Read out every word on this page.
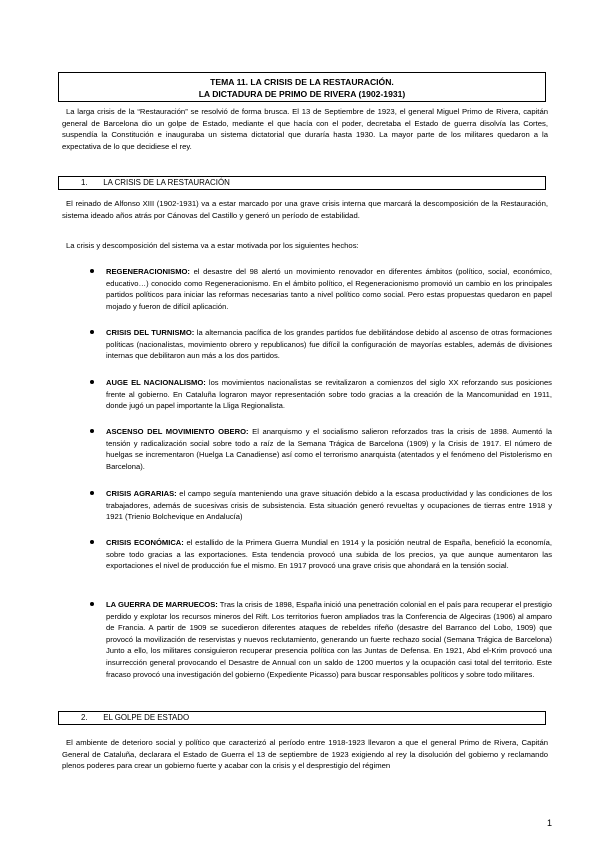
TEMA 11. LA CRISIS DE LA RESTAURACIÓN.
LA DICTADURA DE PRIMO DE RIVERA (1902-1931)

La larga crisis de la “Restauración” se resolvió de forma brusca. El 13 de Septiembre de 1923, el general Miguel Primo de Rivera, capitán general de Barcelona dio un golpe de Estado, mediante el que hacía con el poder, decretaba el Estado de guerra disolvía las Cortes, suspendía la Constitución e inauguraba un sistema dictatorial que duraría hasta 1930. La mayor parte de los militares quedaron a la expectativa de lo que decidiese el rey.

1. LA CRISIS DE LA RESTAURACIÓN

El reinado de Alfonso XIII (1902-1931) va a estar marcado por una grave crisis interna que marcará la descomposición de la Restauración, sistema ideado años atrás por Cánovas del Castillo y generó un período de estabilidad.

La crisis y descomposición del sistema va a estar motivada por los siguientes hechos:

REGENERACIONISMO: el desastre del 98 alertó un movimiento renovador en diferentes ámbitos (político, social, económico, educativo…) conocido como Regeneracionismo. En el ámbito político, el Regeneracionismo promovió un cambio en los principales partidos políticos para iniciar las reformas necesarias tanto a nivel político como social. Pero estas propuestas quedaron en papel mojado y fueron de difícil aplicación.
CRISIS DEL TURNISMO: la alternancia pacífica de los grandes partidos fue debilitándose debido al ascenso de otras formaciones políticas (nacionalistas, movimiento obrero y republicanos) fue difícil la configuración de mayorías estables, además de divisiones internas que debilitaron aun más a los dos partidos.
AUGE EL NACIONALISMO: los movimientos nacionalistas se revitalizaron a comienzos del siglo XX reforzando sus posiciones frente al gobierno. En Cataluña lograron mayor representación sobre todo gracias a la creación de la Mancomunidad en 1911, donde jugó un papel importante la Lliga Regionalista.
ASCENSO DEL MOVIMIENTO OBERO: El anarquismo y el socialismo salieron reforzados tras la crisis de 1898. Aumentó la tensión y radicalización social sobre todo a raíz de la Semana Trágica de Barcelona (1909) y la Crisis de 1917. El número de huelgas se incrementaron (Huelga La Canadiense) así como el terrorismo anarquista (atentados y el fenómeno del Pistolerismo en Barcelona).
CRISIS AGRARIAS: el campo seguía manteniendo una grave situación debido a la escasa productividad y las condiciones de los trabajadores, además de sucesivas crisis de subsistencia. Esta situación generó revueltas y ocupaciones de tierras entre 1918 y 1921 (Trienio Bolchevique en Andalucía)
CRISIS ECONÓMICA: el estallido de la Primera Guerra Mundial en 1914 y la posición neutral de España, benefició la economía, sobre todo gracias a las exportaciones. Esta tendencia provocó una subida de los precios, ya que aunque aumentaron las exportaciones el nivel de producción fue el mismo. En 1917 provocó una grave crisis que ahondará en la tensión social.
LA GUERRA DE MARRUECOS: Tras la crisis de 1898, España inició una penetración colonial en el país para recuperar el prestigio perdido y explotar los recursos mineros del Rift. Los territorios fueron ampliados tras la Conferencia de Algeciras (1906) al amparo de Francia. A partir de 1909 se sucedieron diferentes ataques de rebeldes rifeño (desastre del Barranco del Lobo, 1909) que provocó la movilización de reservistas y nuevos reclutamiento, generando un fuerte rechazo social (Semana Trágica de Barcelona) Junto a ello, los militares consiguieron recuperar presencia política con las Juntas de Defensa. En 1921, Abd el-Krim provocó una insurrección general provocando el Desastre de Annual con un saldo de 1200 muertos y la ocupación casi total del territorio. Este fracaso provocó una investigación del gobierno (Expediente Picasso) para buscar responsables políticos y sobre todo militares.
2. EL GOLPE DE ESTADO

El ambiente de deterioro social y político que caracterizó al período entre 1918-1923 llevaron a que el general Primo de Rivera, Capitán General de Cataluña, declarara el Estado de Guerra el 13 de septiembre de 1923 exigiendo al rey la disolución del gobierno y reclamando plenos poderes para crear un gobierno fuerte y acabar con la crisis y el desprestigio del régimen

1
